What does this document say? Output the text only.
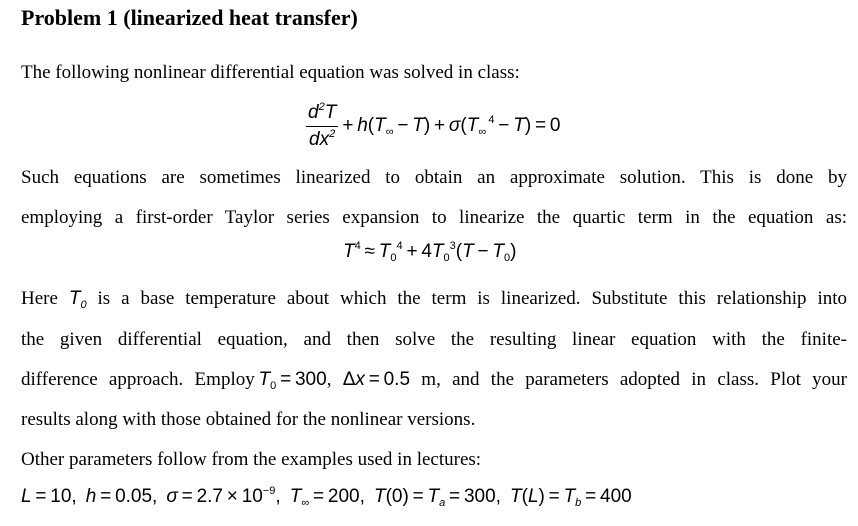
Problem 1 (linearized heat transfer)
The following nonlinear differential equation was solved in class:
$\frac{d^2T}{dx^2} + h(T_\infty - T) + \sigma(T_\infty$ $^4$ − T) = 0
Such equations are sometimes linearized to obtain an approximate solution. This is done by
employing a first-order Taylor series expansion to linearize the quartic term in the equation as:
$T^4 \approx T_0^4 + 4T_0^3(T - T_0)$
Here $T_0$ is a base temperature about which the term is linearized. Substitute this relationship into
the given differential equation, and then solve the resulting linear equation with the finite-
difference approach. Employ  $T_0 = 300$, Δx = 0.5 m, and the parameters adopted in class. Plot your
results along with those obtained for the nonlinear versions.
Other parameters follow from the examples used in lectures:
L = 10,  h = 0.05,  $\sigma = 2.7 \times 10^{-9}$,  $T_\infty = 200$,  $T(0) = T_a = 300$,  $T(L) = T_b = 400$
